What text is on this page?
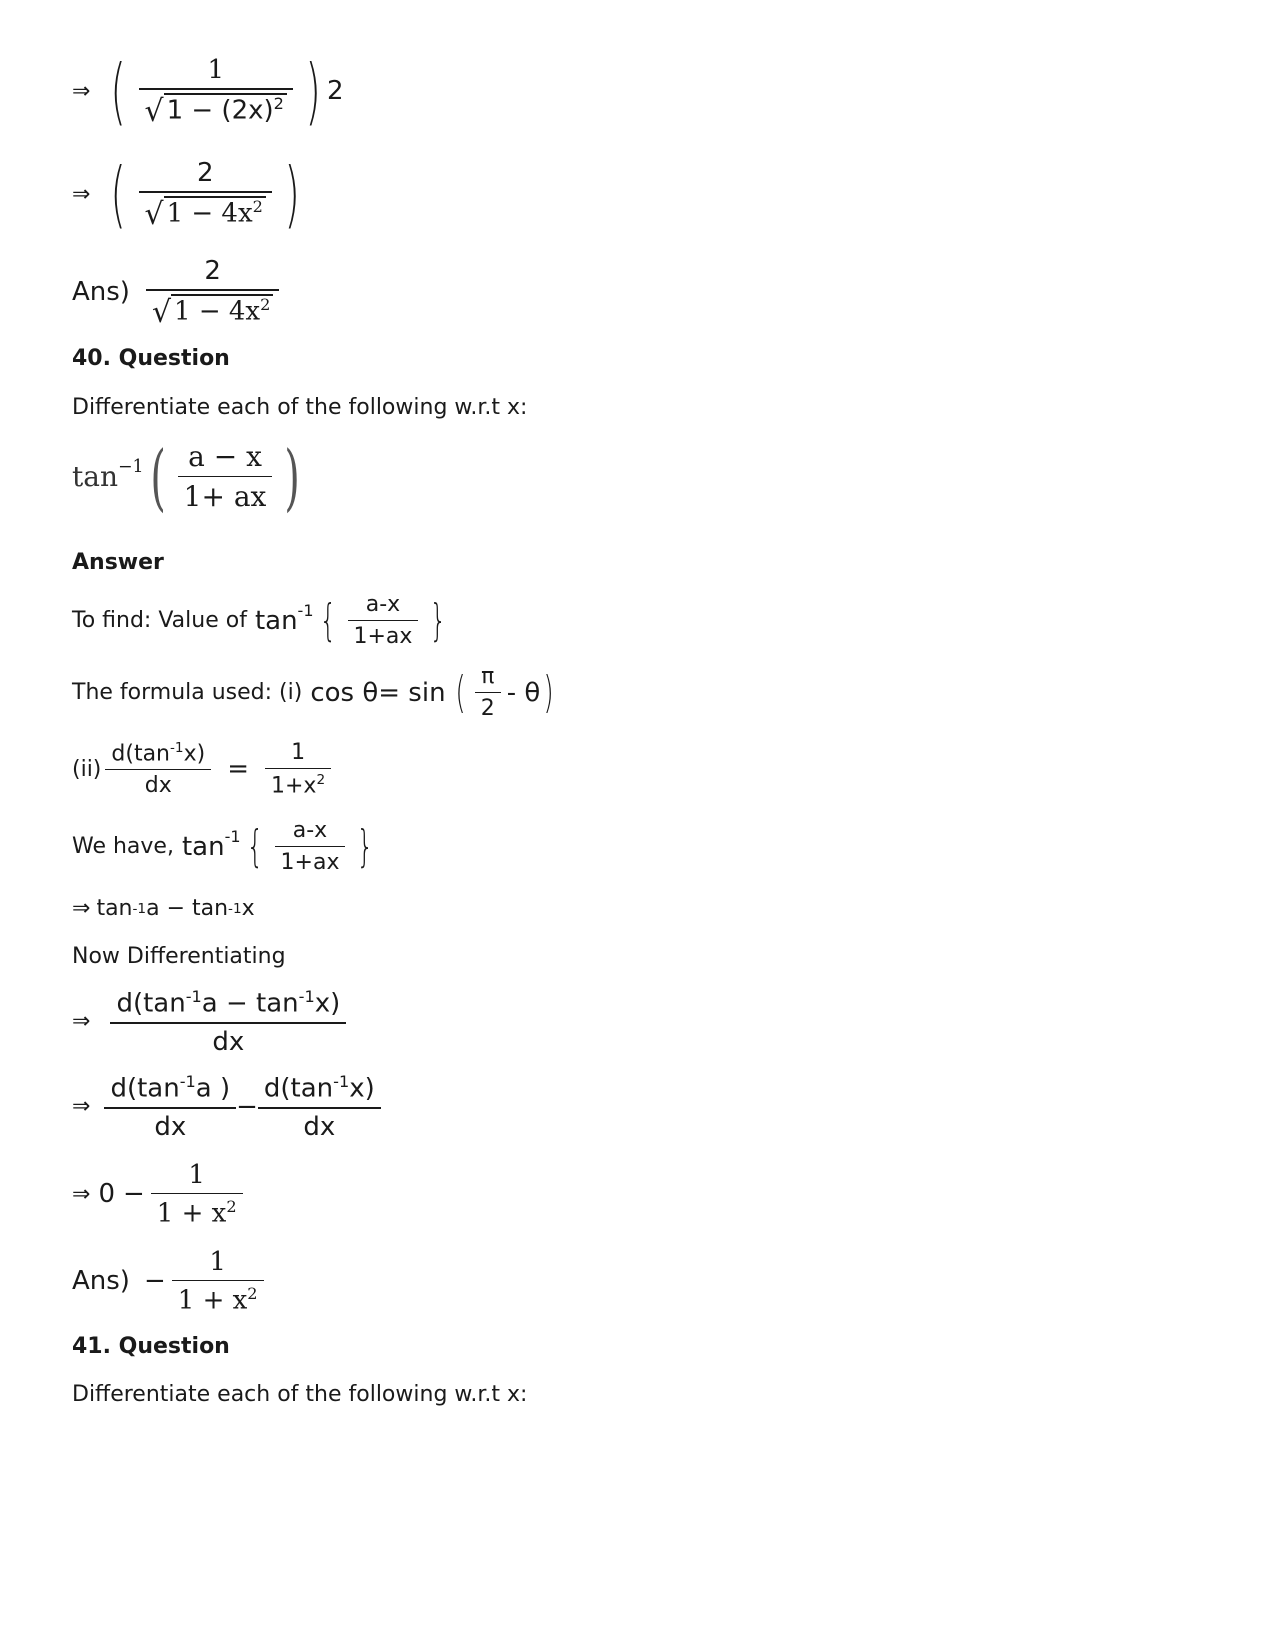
⇒ ( $\frac{1}{√ 1 - (2x)^2}$ ) 2
⇒ ( $\frac{2}{√ 1 - 4x^2}$ )
$Ans) \frac{2}{√ 1 - 4x^2}$
40. Question
Differentiate each of the following w.r.t x:
tan −1 ( $\frac{a - x}{1+ ax}$ )
Answer
To find: Value of tan -1 { $\frac{a-x}{1+ax}$ }
The formula used: (i) cos θ= sin ( $\frac{\pi}{2}$ - θ )
$(ii) \frac{d(\tan^{-1}x)}{dx} = \frac{1}{1+x^2}$
We have, tan -1 { $\frac{a-x}{1+ax}$ }
⇒ tan -1 a − tan -1 x
Now Differentiating
⇒ $\frac{d(\tan^{-1}a - \tan^{-1}x)}{dx}$
⇒ $\frac{d(\tan^{-1}a )}{dx} - \frac{d(\tan^{-1}x)}{dx}$
⇒ $0 - \frac{1}{1 + x^2}$
$Ans) - \frac{1}{1 + x^2}$
41. Question
Differentiate each of the following w.r.t x:
